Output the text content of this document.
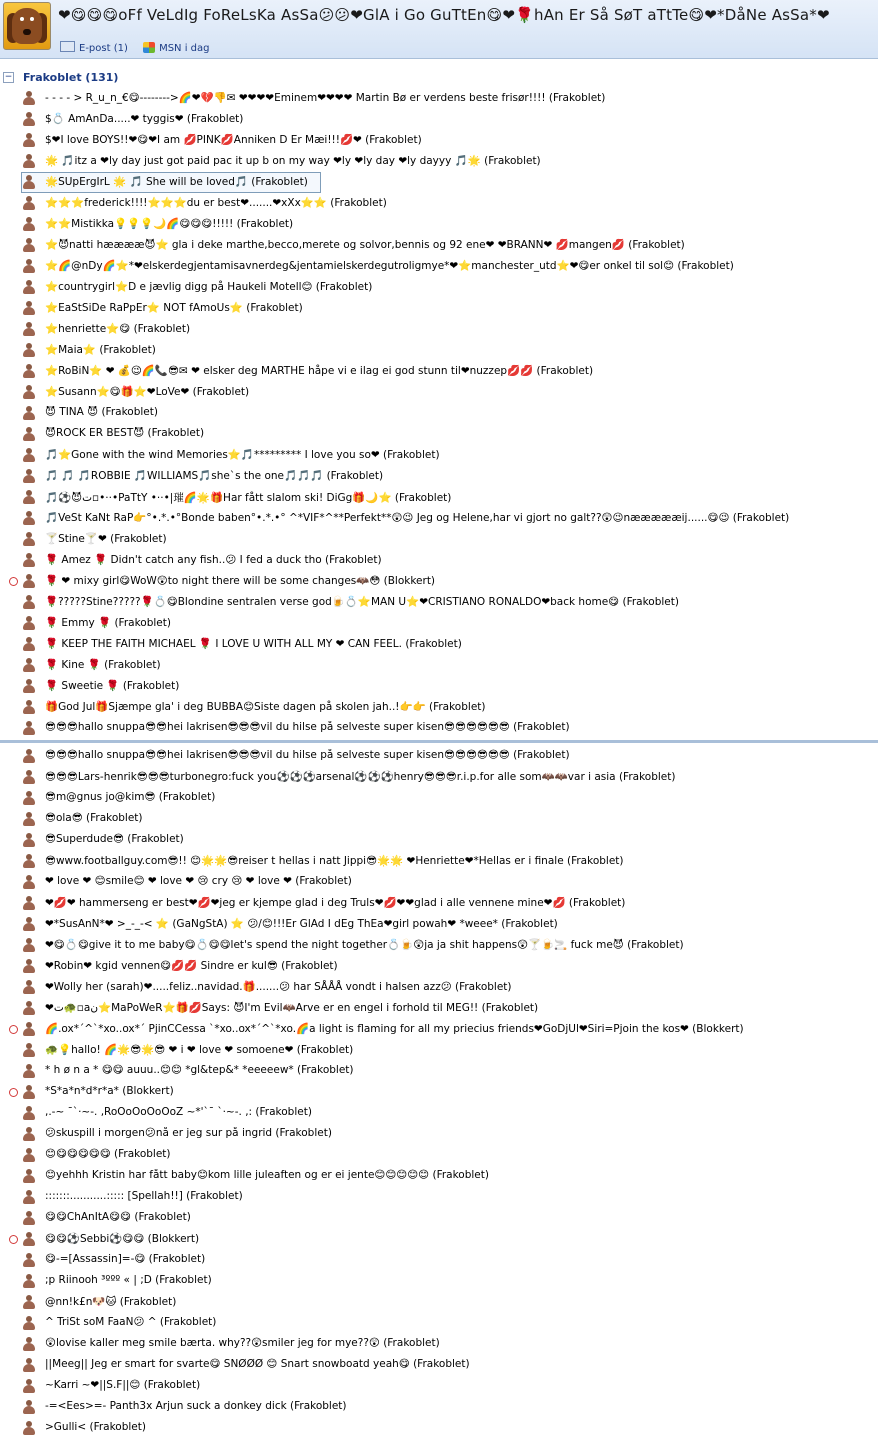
❤😋😋😋oFf VeLdIg FoReLsKa AsSa😕😕❤GlA i Go GuTtEn😋❤🌹hAn Er Så SøT aTtTe😋❤*DåNe AsSa*❤
E-post (1)	MSN i dag
− Frakoblet (131)
- - - - > R_u_n_€😋-------->🌈❤💔👎✉ ❤❤❤❤Eminem❤❤❤❤ Martin Bø er verdens beste frisør!!!! (Frakoblet)
$💍 AmAnDa.....❤ tyggis❤ (Frakoblet)
$❤I love BOYS!!❤😋❤I am 💋PINK💋Anniken D Er Mæi!!!💋❤ (Frakoblet)
🌟 🎵itz a ❤ly day just got paid pac it up b on my way ❤ly ❤ly day ❤ly dayyy 🎵🌟 (Frakoblet)
🌟SUpErgIrL 🌟 🎵 She will be loved🎵 (Frakoblet)
⭐⭐⭐frederick!!!!⭐⭐⭐du er best❤.......❤xXx⭐⭐ (Frakoblet)
⭐⭐Mistikka💡💡💡🌙🌈😋😋😋!!!!! (Frakoblet)
⭐😈natti hææææ😈⭐ gla i deke marthe,becco,merete og solvor,bennis og 92 ene❤ ❤BRANN❤ 💋mangen💋 (Frakoblet)
⭐🌈@nDy🌈⭐*❤elskerdegjentamisavnerdeg&jentamielskerdegutroligmye*❤⭐manchester_utd⭐❤😋er onkel til sol😊 (Frakoblet)
⭐countrygirl⭐D e jævlig digg på Haukeli Motell😊 (Frakoblet)
⭐EaStSiDe RaPpEr⭐ NOT fAmoUs⭐ (Frakoblet)
⭐henriette⭐😋 (Frakoblet)
⭐Maia⭐ (Frakoblet)
⭐RoBiN⭐ ❤ 💰😉🌈📞😎✉ ❤ elsker deg MARTHE håpe vi e ilag ei god stunn til❤nuzzep💋💋 (Frakoblet)
⭐Susann⭐😋🎁⭐❤LoVe❤ (Frakoblet)
😈 TINA 😈 (Frakoblet)
😈ROCK ER BEST😈 (Frakoblet)
🎵⭐Gone with the wind Memories⭐🎵********* I love you so❤ (Frakoblet)
🎵 🎵 🎵ROBBIE 🎵WILLIAMS🎵she`s the one🎵🎵🎵 (Frakoblet)
🎵⚽😈ت▫•··•PaTtY •··•|璀🌈🌟🎁Har fått slalom ski! DiGg🎁🌙⭐ (Frakoblet)
🎵VeSt KaNt RaP👉°•.*.•°Bonde baben°•.*.•° ^*VIF*^**Perfekt**😲😉 Jeg og Helene,har vi gjort no galt??😲😉næææææij......😋😉 (Frakoblet)
🍸Stine🍸❤ (Frakoblet)
🌹 Amez 🌹 Didn't catch any fish..😕 I fed a duck tho (Frakoblet)
🌹 ❤ mixy girl😋WoW😲to night there will be some changes🦇😳 (Blokkert)
🌹?????Stine?????🌹💍😋Blondine sentralen verse god🍺💍⭐MAN U⭐❤CRISTIANO RONALDO❤back home😋 (Frakoblet)
🌹 Emmy 🌹 (Frakoblet)
🌹 KEEP THE FAITH MICHAEL 🌹 I LOVE U WITH ALL MY ❤ CAN FEEL. (Frakoblet)
🌹 Kine 🌹 (Frakoblet)
🌹 Sweetie 🌹 (Frakoblet)
🎁God Jul🎁Sjæmpe gla' i deg BUBBA😊Siste dagen på skolen jah..!👉👉 (Frakoblet)
😎😎😎hallo snuppa😎😎hei lakrisen😎😎😎vil du hilse på selveste super kisen😎😎😎😎😎😎 (Frakoblet)
😎😎😎hallo snuppa😎😎hei lakrisen😎😎😎vil du hilse på selveste super kisen😎😎😎😎😎😎 (Frakoblet)
😎😎😎Lars-henrik😎😎😎turbonegro:fuck you⚽⚽⚽arsenal⚽⚽⚽henry😎😎😎r.i.p.for alle som🦇🦇var i asia (Frakoblet)
😎m@gnus jo@kim😎 (Frakoblet)
😎ola😎 (Frakoblet)
😎Superdude😎 (Frakoblet)
😎www.footballguy.com😎!! 😊🌟🌟😎reiser t hellas i natt Jippi😎🌟🌟 ❤Henriette❤*Hellas er i finale (Frakoblet)
❤ love ❤ 😊smile😊 ❤ love ❤ 😢 cry 😢 ❤ love ❤ (Frakoblet)
❤💋❤ hammerseng er best❤💋❤jeg er kjempe glad i deg Truls❤💋❤❤glad i alle vennene mine❤💋 (Frakoblet)
❤*SusAnN*❤ >_-_-< ⭐ (GaNgStA) ⭐ 😕/😊!!!Er GlAd I dEg ThEa❤girl powah❤ *weee* (Frakoblet)
❤😋💍😋give it to me baby😋💍😋😋let's spend the night together💍🍺😲ja ja shit happens😲🍸🍺🚬 fuck me😈 (Frakoblet)
❤Robin❤ kgid vennen😋💋💋 Sindre er kul😎 (Frakoblet)
❤Wolly her (sarah)❤.....feliz..navidad.🎁.......😕 har SÅÅÅ vondt i halsen azz😕 (Frakoblet)
❤ت🐢▫aن⭐MaPoWeR⭐🎁💋Says: 😈I'm Evil🦇Arve er en engel i forhold til MEG!! (Frakoblet)
🌈.ox*´^`*xo..ox*´ PjinCCessa `*xo..ox*´^`*xo.🌈a light is flaming for all my priecius friends❤GoDjUl❤Siri=Pjoin the kos❤ (Blokkert)
🐢💡hallo! 🌈🌟😎🌟😎 ❤ i ❤ love ❤ somoene❤ (Frakoblet)
* h ø n a * 😋😋 auuu..😊😊 *gl&tep&* *eeeeew* (Frakoblet)
*S*a*n*d*r*a* (Blokkert)
,.-~ ¯`·~-. ,RoOoOoOoOoZ ~*'`¯ `·~-. ,: (Frakoblet)
😕skuspill i morgen😕nå er jeg sur på ingrid (Frakoblet)
😊😋😋😋😋😋 (Frakoblet)
😊yehhh Kristin har fått baby😊kom lille juleaften og er ei jente😊😊😊😊😊 (Frakoblet)
:::::::...........::::: [Spellah!!] (Frakoblet)
😋😋ChAnItA😋😋 (Frakoblet)
😋😋⚽Sebbi⚽😋😋 (Blokkert)
😋-=[Assassin]=-😋 (Frakoblet)
;p Riinooh ³ººº « | ;D (Frakoblet)
@nn!k£n🐶🐱 (Frakoblet)
^ TriSt soM FaaN😕 ^ (Frakoblet)
😲lovise kaller meg smile bærta. why??😲smiler jeg for mye??😲 (Frakoblet)
||Meeg|| Jeg er smart for svarte😋 SNØØØ 😊 Snart snowboatd yeah😋 (Frakoblet)
~Karri ~❤||S.F||😊 (Frakoblet)
-=<Ees>=- Panth3x Arjun suck a donkey dick (Frakoblet)
>Gulli< (Frakoblet)
